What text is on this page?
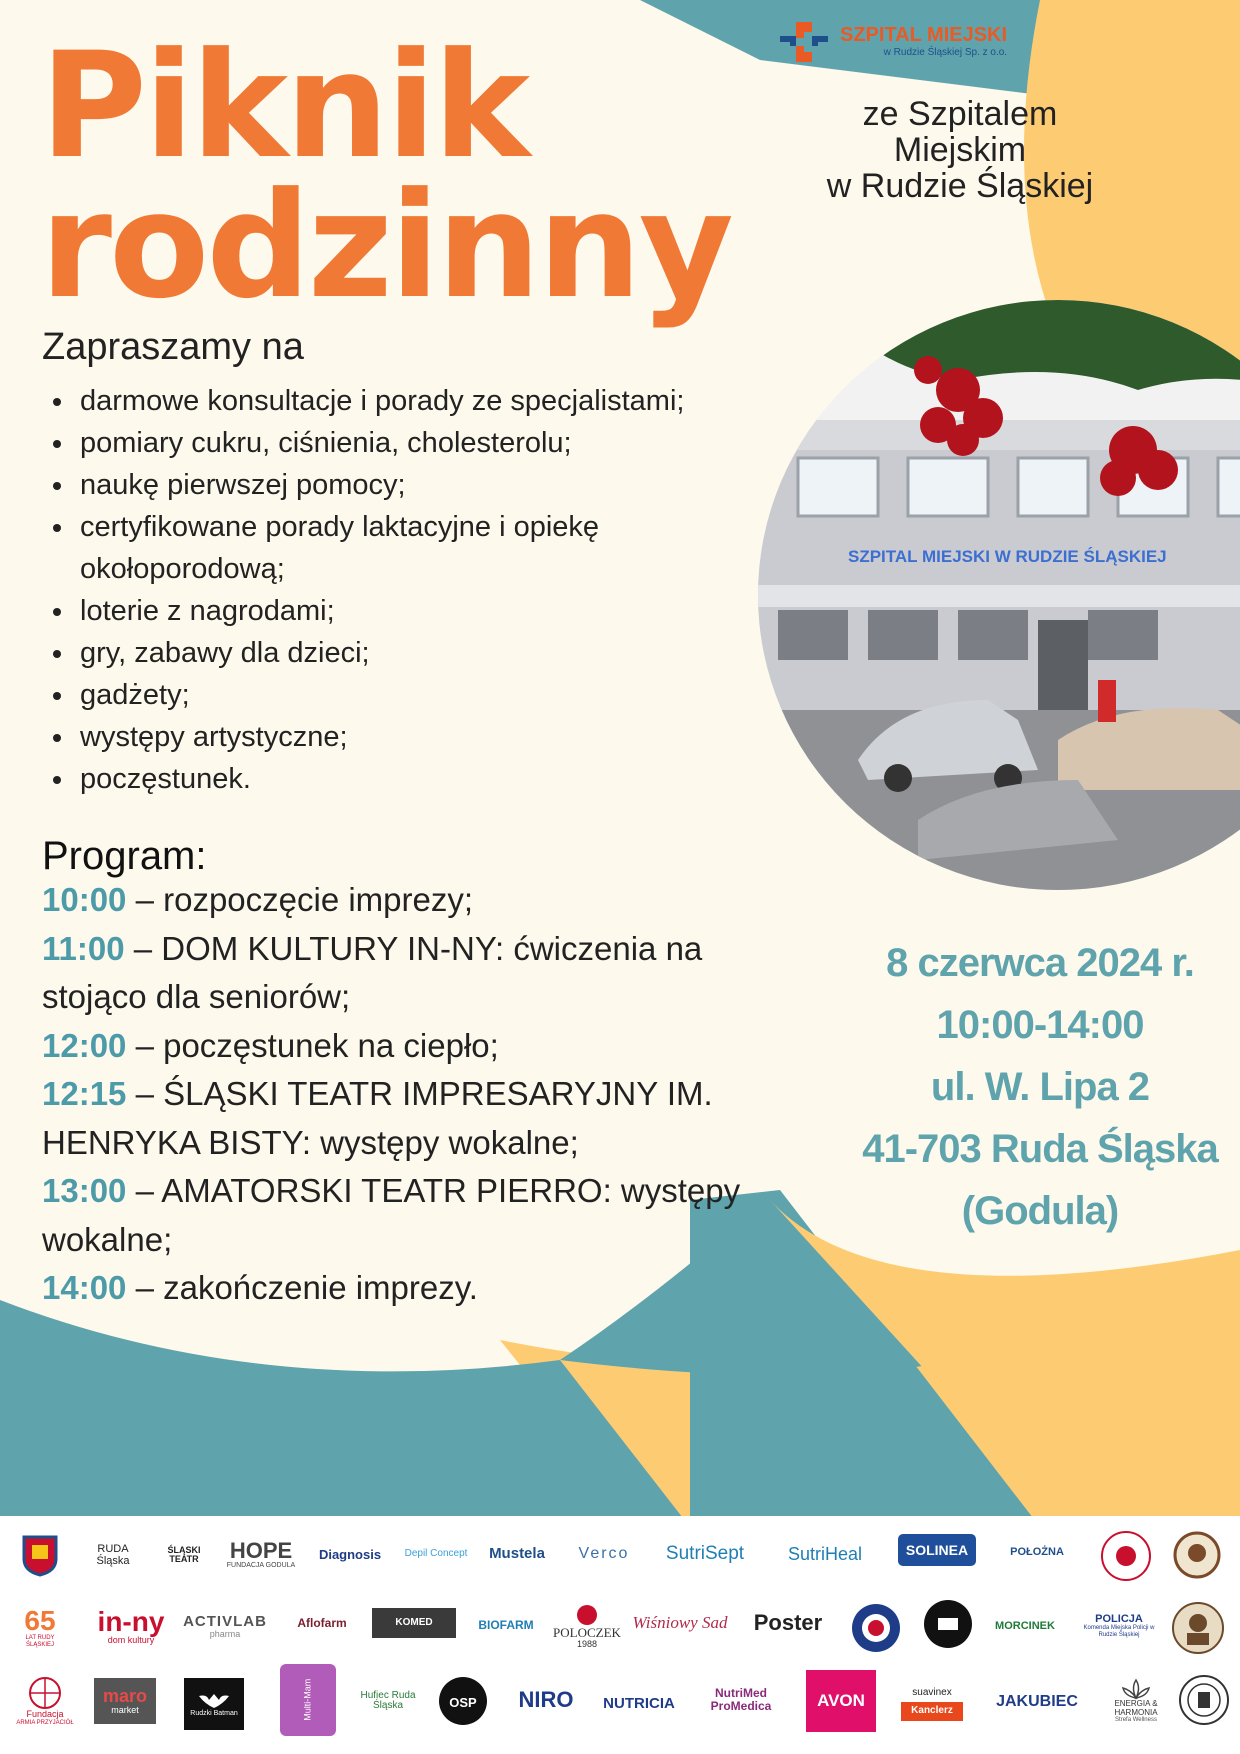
Piknik
rodzinny
SZPITAL MIEJSKI
w Rudzie Śląskiej Sp. z o.o.
ze Szpitalem
Miejskim
w Rudzie Śląskiej
SZPITAL MIEJSKI W RUDZIE ŚLĄSKIEJ
Zapraszamy na
• darmowe konsultacje i porady ze specjalistami;
• pomiary cukru, ciśnienia, cholesterolu;
• naukę pierwszej pomocy;
• certyfikowane porady laktacyjne i opiekę okołoporodową;
• loterie z nagrodami;
• gry, zabawy dla dzieci;
• gadżety;
• występy artystyczne;
• poczęstunek.
Program:
10:00 – rozpoczęcie imprezy;
11:00 – DOM KULTURY IN-NY: ćwiczenia na stojąco dla seniorów;
12:00 – poczęstunek na ciepło;
12:15 – ŚLĄSKI TEATR IMPRESARYJNY IM. HENRYKA BISTY: występy wokalne;
13:00 – AMATORSKI TEATR PIERRO: występy wokalne;
14:00 – zakończenie imprezy.
8 czerwca 2024 r.
10:00-14:00
ul. W. Lipa 2
41-703 Ruda Śląska
(Godula)
RUDA Śląska
ŚLĄSKI TEATR	HOPE
FUNDACJA GODULA
Diagnosis	Depil Concept	Mustela	Verco	SutriSept	SutriHeal	SOLINEA	POŁOŻNA
65
LAT RUDY ŚLĄSKIEJ
in-ny
dom kultury
ACTIVLAB
pharma
Aflofarm	KOMED	BIOFARM
POLOCZEK
1988
Wiśniowy Sad	Poster	MORCINEK
POLICJA
Komenda Miejska Policji w Rudzie Śląskiej
Fundacja
ARMIA PRZYJACIÓŁ
maro
market	Rudzki Batman	Multi-Mam	Hufiec Ruda Śląska	OSP	NIRO	NUTRICIA
NutriMed ProMedica	AVON	suavinex
Kanclerz
JAKUBIEC	ENERGIA & HARMONIA
Strefa Wellness
